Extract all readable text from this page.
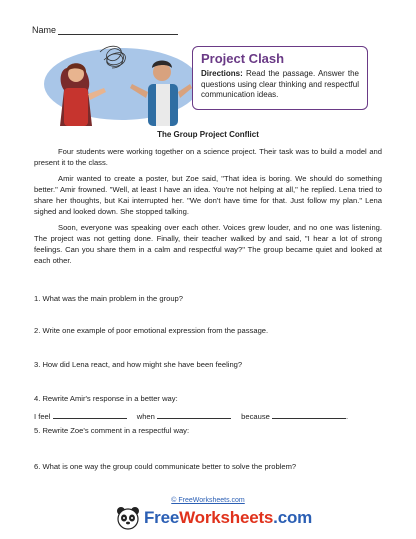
Name
Project Clash
Directions: Read the passage. Answer the questions using clear thinking and respectful communication ideas.
The Group Project Conflict

Four students were working together on a science project. Their task was to build a model and present it to the class.

Amir wanted to create a poster, but Zoe said, "That idea is boring. We should do something better." Amir frowned. "Well, at least I have an idea. You're not helping at all," he replied. Lena tried to share her thoughts, but Kai interrupted her. "We don't have time for that. Just follow my plan." Lena sighed and looked down. She stopped talking.

Soon, everyone was speaking over each other. Voices grew louder, and no one was listening. The project was not getting done. Finally, their teacher walked by and said, "I hear a lot of strong feelings. Can you share them in a calm and respectful way?" The group became quiet and looked at each other.

1. What was the main problem in the group?
2. Write one example of poor emotional expression from the passage.
3. How did Lena react, and how might she have been feeling?
4. Rewrite Amir's response in a better way:
I feel	when	because	.
5. Rewrite Zoe's comment in a respectful way:
6. What is one way the group could communicate better to solve the problem?
© FreeWorksheets.com
FreeWorksheets.com
